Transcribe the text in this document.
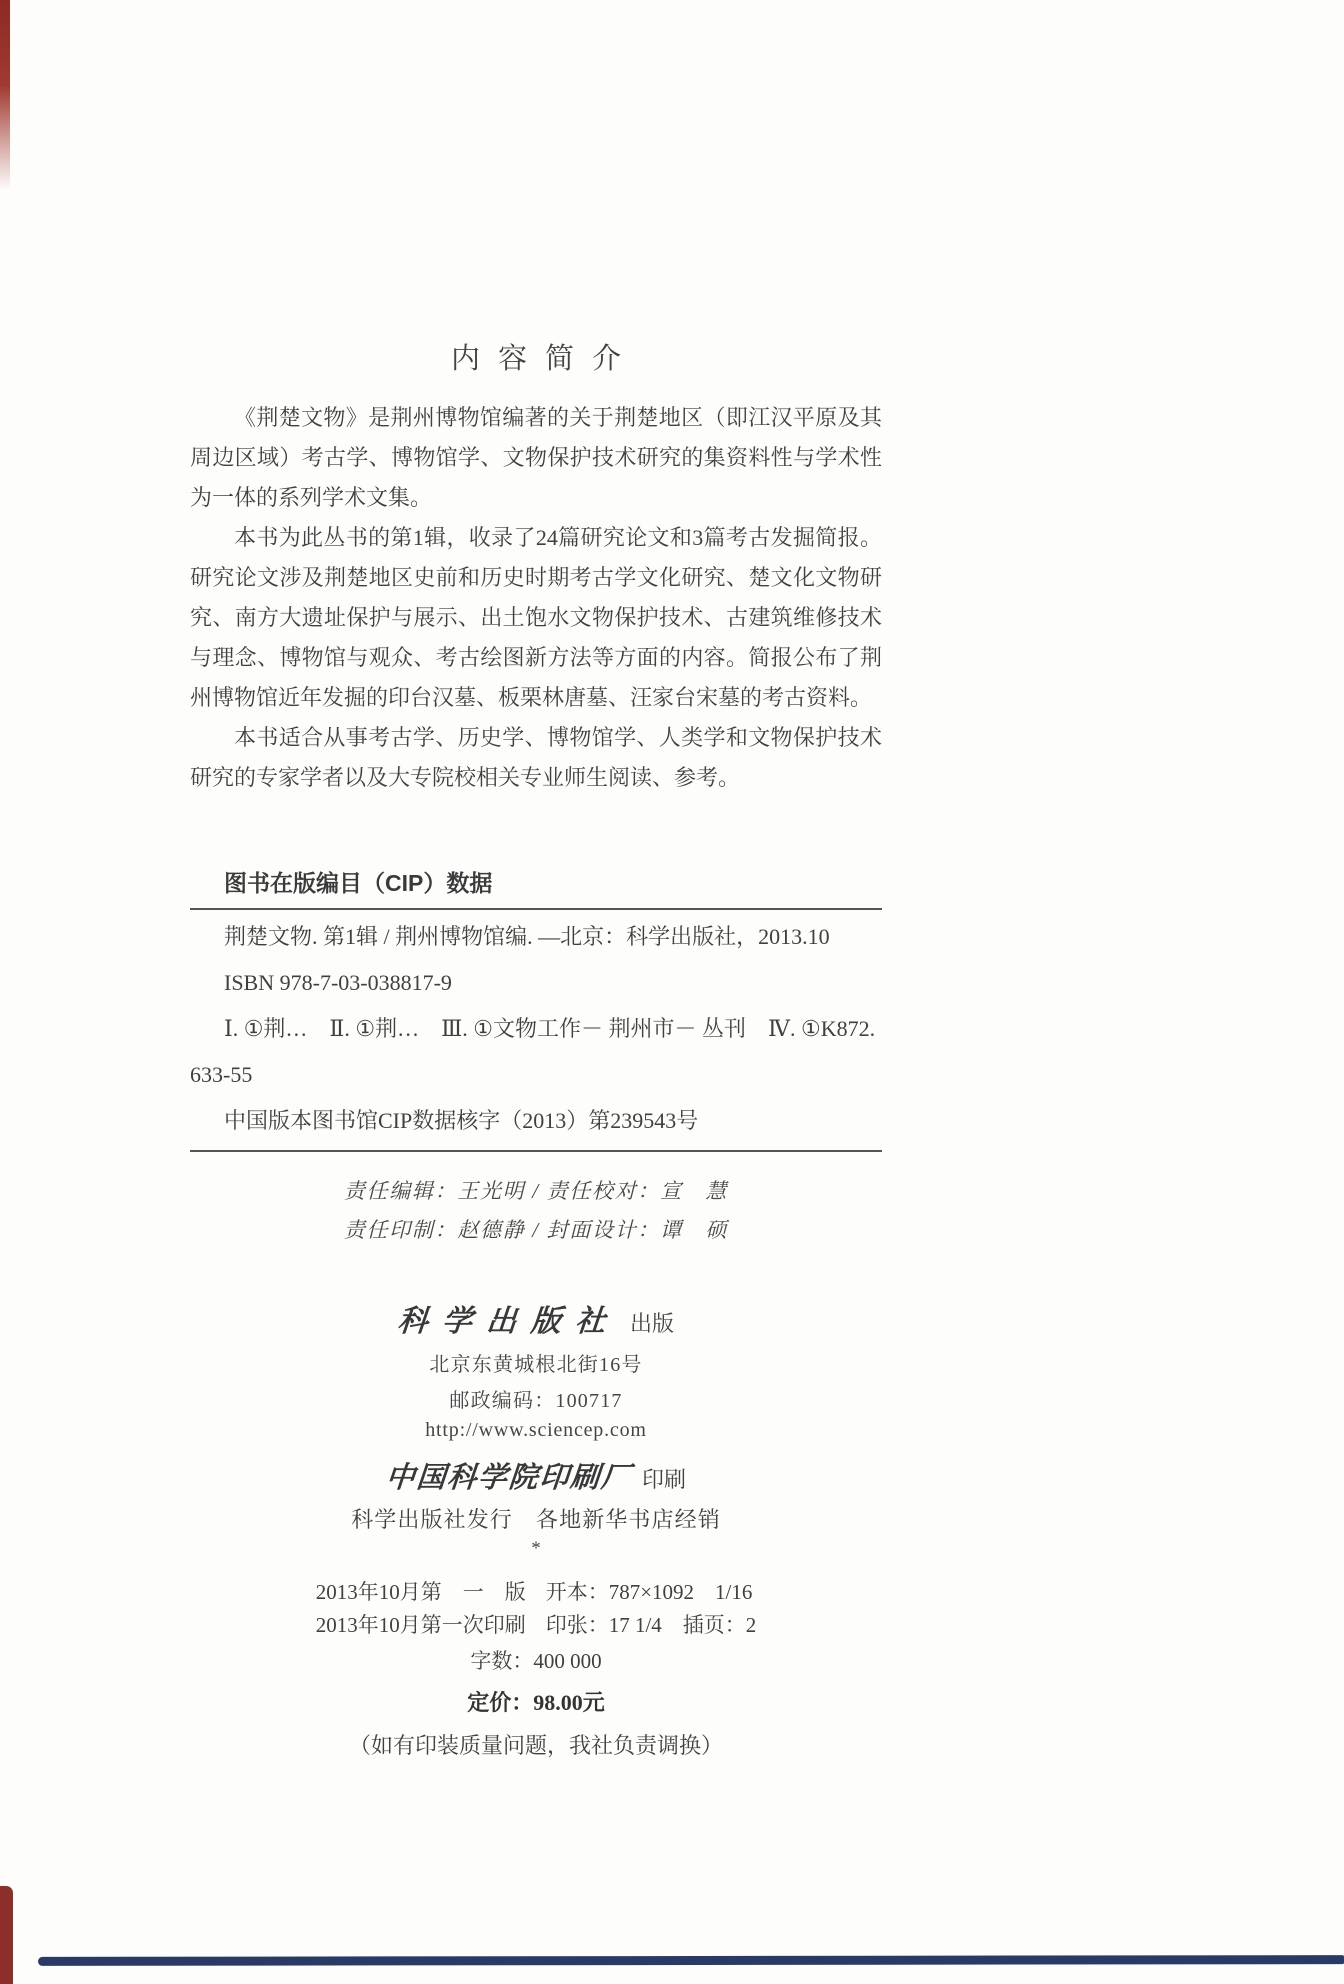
内容简介

《荆楚文物》是荆州博物馆编著的关于荆楚地区（即江汉平原及其周边区域）考古学、博物馆学、文物保护技术研究的集资料性与学术性为一体的系列学术文集。

本书为此丛书的第1辑，收录了24篇研究论文和3篇考古发掘简报。研究论文涉及荆楚地区史前和历史时期考古学文化研究、楚文化文物研究、南方大遗址保护与展示、出土饱水文物保护技术、古建筑维修技术与理念、博物馆与观众、考古绘图新方法等方面的内容。简报公布了荆州博物馆近年发掘的印台汉墓、板栗林唐墓、汪家台宋墓的考古资料。

本书适合从事考古学、历史学、博物馆学、人类学和文物保护技术研究的专家学者以及大专院校相关专业师生阅读、参考。

图书在版编目（CIP）数据
荆楚文物. 第1辑 / 荆州博物馆编. —北京：科学出版社，2013.10
ISBN 978-7-03-038817-9
Ⅰ. ①荆…　Ⅱ. ①荆…　Ⅲ. ①文物工作－ 荆州市－ 丛刊　Ⅳ. ①K872.
633-55
中国版本图书馆CIP数据核字（2013）第239543号
责任编辑：王光明 / 责任校对：宣　慧
责任印制：赵德静 / 封面设计：谭　硕
科学出版社 出版
北京东黄城根北街16号
邮政编码：100717
http://www.sciencep.com
中国科学院印刷厂 印刷
科学出版社发行　各地新华书店经销
*
2013年10月第　一　版 开本：787×1092　1/16
2013年10月第一次印刷 印张：17 1/4　插页：2
字数：400 000
定价：98.00元
（如有印装质量问题，我社负责调换）
